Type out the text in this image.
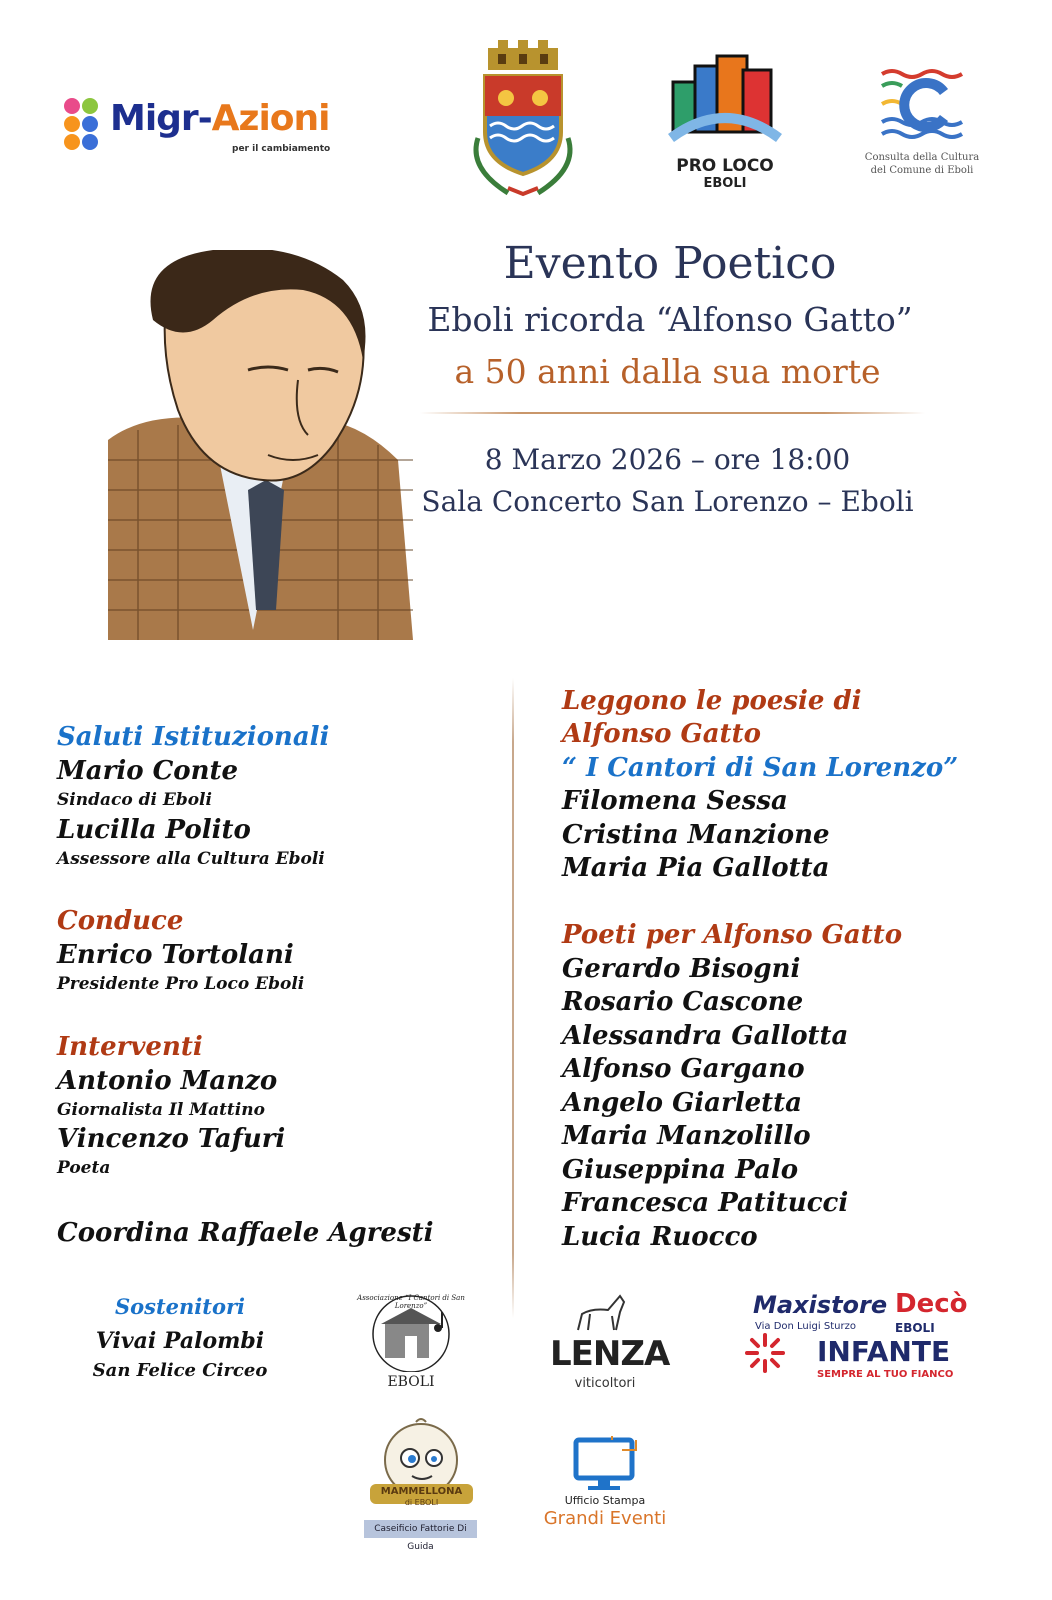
Migr-Azioni
per il cambiamento
PRO LOCO
EBOLI
Consulta della Cultura
del Comune di Eboli
Evento Poetico
Eboli ricorda “Alfonso Gatto”
a 50 anni dalla sua morte
8 Marzo 2026 – ore 18:00
Sala Concerto San Lorenzo – Eboli
Saluti Istituzionali
Mario Conte
Sindaco di Eboli
Lucilla Polito
Assessore alla Cultura Eboli
Conduce
Enrico Tortolani
Presidente Pro Loco Eboli
Interventi
Antonio Manzo
Giornalista Il Mattino
Vincenzo Tafuri
Poeta
Coordina Raffaele Agresti
Leggono le poesie di
Alfonso Gatto
“ I Cantori di San Lorenzo”
Filomena Sessa
Cristina Manzione
Maria Pia Gallotta
Poeti per Alfonso Gatto
Gerardo Bisogni
Rosario Cascone
Alessandra Gallotta
Alfonso Gargano
Angelo Giarletta
Maria Manzolillo
Giuseppina Palo
Francesca Patitucci
Lucia Ruocco
Sostenitori
Vivai Palombi
San Felice Circeo
Associazione “I Cantori di San Lorenzo”
EBOLI
LENZA
viticoltori
Maxistore Decò
Via Don Luigi Sturzo	EBOLI
INFANTE
SEMPRE AL TUO FIANCO
MAMMELLONA
di EBOLI
Caseificio Fattorie Di Guida
Ufficio Stampa
Grandi Eventi
